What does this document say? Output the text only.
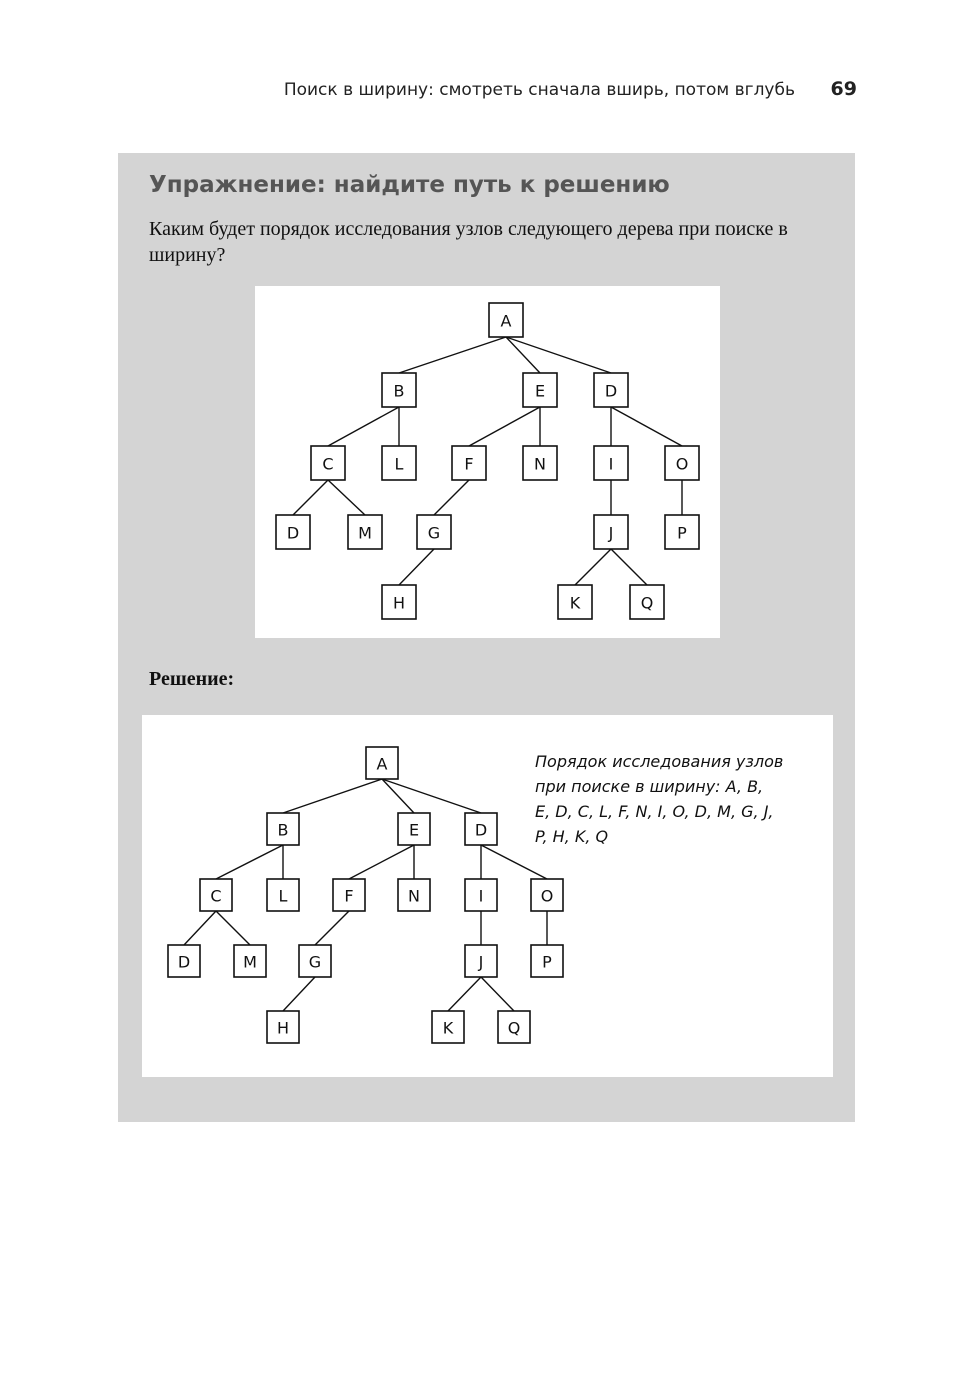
Поиск в ширину: смотреть сначала вширь, потом вглубь 69
Упражнение: найдите путь к решению
Каким будет порядок исследования узлов следующего дерева при поиске в ширину?
A
B	E	D
C	L	F	N	I	O
D	M	G	J	P
H	K	Q
Решение:
A
B	E	D
C	L	F	N	I	O
D	M	G	J	P
H	K	Q
Порядок исследования узлов
при поиске в ширину: A, B,
E, D, C, L, F, N, I, O, D, M, G, J,
P, H, K, Q
